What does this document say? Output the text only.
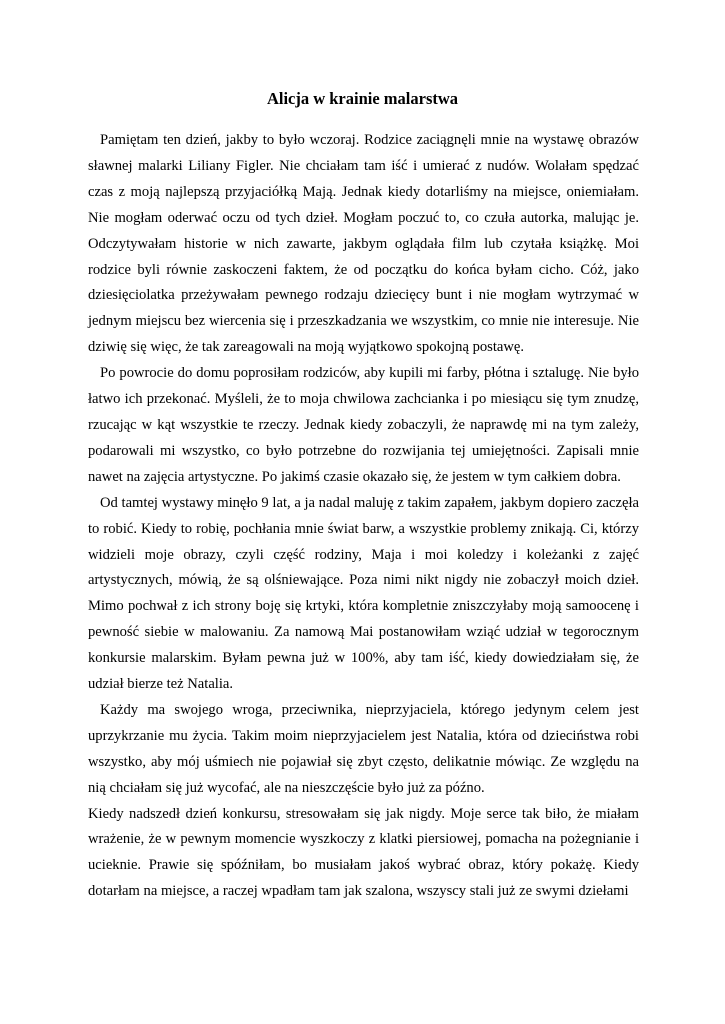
Alicja w krainie malarstwa

Pamiętam ten dzień, jakby to było wczoraj. Rodzice zaciągnęli mnie na wystawę obrazów sławnej malarki Liliany Figler. Nie chciałam tam iść i umierać z nudów. Wolałam spędzać czas z moją najlepszą przyjaciółką Mają. Jednak kiedy dotarliśmy na miejsce, oniemiałam. Nie mogłam oderwać oczu od tych dzieł. Mogłam poczuć to, co czuła autorka, malując je. Odczytywałam historie w nich zawarte, jakbym oglądała film lub czytała książkę. Moi rodzice byli równie zaskoczeni faktem, że od początku do końca byłam cicho. Cóż, jako dziesięciolatka przeżywałam pewnego rodzaju dziecięcy bunt i nie mogłam wytrzymać w jednym miejscu bez wiercenia się i przeszkadzania we wszystkim, co mnie nie interesuje. Nie dziwię się więc, że tak zareagowali na moją wyjątkowo spokojną postawę.

Po powrocie do domu poprosiłam rodziców, aby kupili mi farby, płótna i sztalugę. Nie było łatwo ich przekonać. Myśleli, że to moja chwilowa zachcianka i po miesiącu się tym znudzę, rzucając w kąt wszystkie te rzeczy. Jednak kiedy zobaczyli, że naprawdę mi na tym zależy, podarowali mi wszystko, co było potrzebne do rozwijania tej umiejętności. Zapisali mnie nawet na zajęcia artystyczne. Po jakimś czasie okazało się, że jestem w tym całkiem dobra.

Od tamtej wystawy minęło 9 lat, a ja nadal maluję z takim zapałem, jakbym dopiero zaczęła to robić. Kiedy to robię, pochłania mnie świat barw, a wszystkie problemy znikają. Ci, którzy widzieli moje obrazy, czyli część rodziny, Maja i moi koledzy i koleżanki z zajęć artystycznych, mówią, że są olśniewające. Poza nimi nikt nigdy nie zobaczył moich dzieł. Mimo pochwał z ich strony boję się krtyki, która kompletnie zniszczyłaby moją samoocenę i pewność siebie w malowaniu. Za namową Mai postanowiłam wziąć udział w tegorocznym konkursie malarskim. Byłam pewna już w 100%, aby tam iść, kiedy dowiedziałam się, że udział bierze też Natalia.

Każdy ma swojego wroga, przeciwnika, nieprzyjaciela, którego jedynym celem jest uprzykrzanie mu życia. Takim moim nieprzyjacielem jest Natalia, która od dzieciństwa robi wszystko, aby mój uśmiech nie pojawiał się zbyt często, delikatnie mówiąc. Ze względu na nią chciałam się już wycofać, ale na nieszczęście było już za późno.

Kiedy nadszedł dzień konkursu, stresowałam się jak nigdy. Moje serce tak biło, że miałam wrażenie, że w pewnym momencie wyszkoczy z klatki piersiowej, pomacha na pożegnianie i ucieknie. Prawie się spóźniłam, bo musiałam jakoś wybrać obraz, który pokażę. Kiedy dotarłam na miejsce, a raczej wpadłam tam jak szalona, wszyscy stali już ze swymi dziełami
